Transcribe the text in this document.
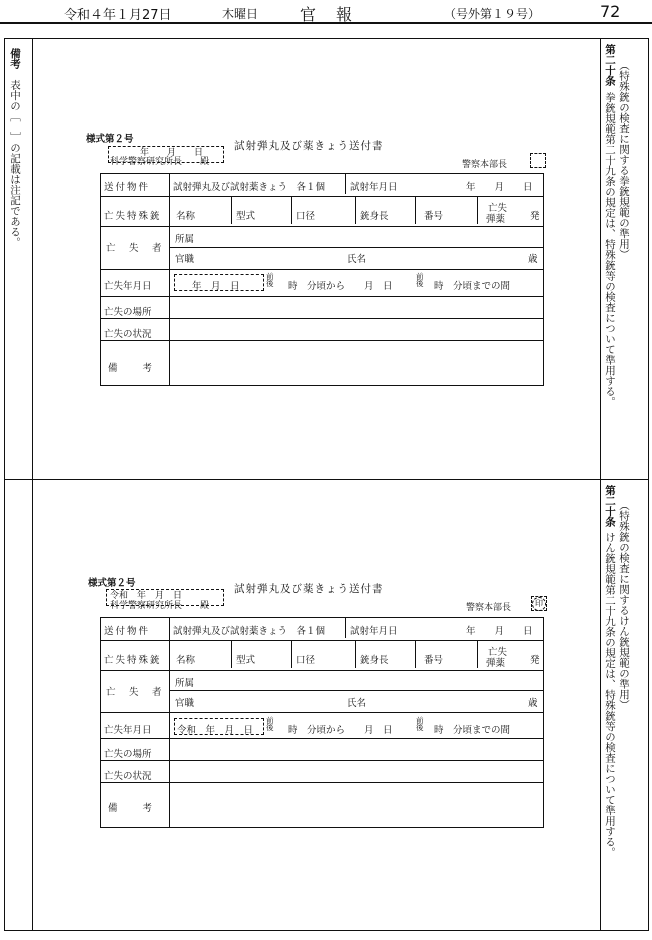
令和４年１月27日	木曜日	官報	（号外第１９号）	72
備考　表中の［　］の記載は注記である。
第二十条 （特殊銃の検査に関する拳銃規範の準用）
拳銃規範第二十九条の規定は、特殊銃等の検査について準用する。
第二十条 （特殊銃の検査に関するけん銃規範の準用）
けん銃規範第二十九条の規定は、特殊銃等の検査について準用する。
様式第２号
試射弾丸及び薬きょう送付書
年　　月　　日
科学警察研究所長　　殿	警察本部長
送付物件 試射弾丸及び試射薬きょう　各１個	試射年月日	年　　月　　日
亡失特殊銃 名称	型式	口径	銃身長	番号
亡失
弾薬	発
亡　失　者
所属
官職	氏名	歳
亡失年月日	年　月　日
前
後 時　分頃から　　月　日
前
後 時　分頃までの間
亡失の場所
亡失の状況
備　　考
様式第２号	試射弾丸及び薬きょう送付書
令和　年　月　日
科学警察研究所長　　殿	警察本部長	印
送付物件 試射弾丸及び試射薬きょう　各１個	試射年月日	年　　月　　日
亡失特殊銃 名称	型式	口径	銃身長	番号
亡失
弾薬	発
亡　失　者
所属
官職	氏名	歳
亡失年月日	令和　年　月　日
前
後 時　分頃から　　月　日
前
後 時　分頃までの間
亡失の場所
亡失の状況
備　　考
